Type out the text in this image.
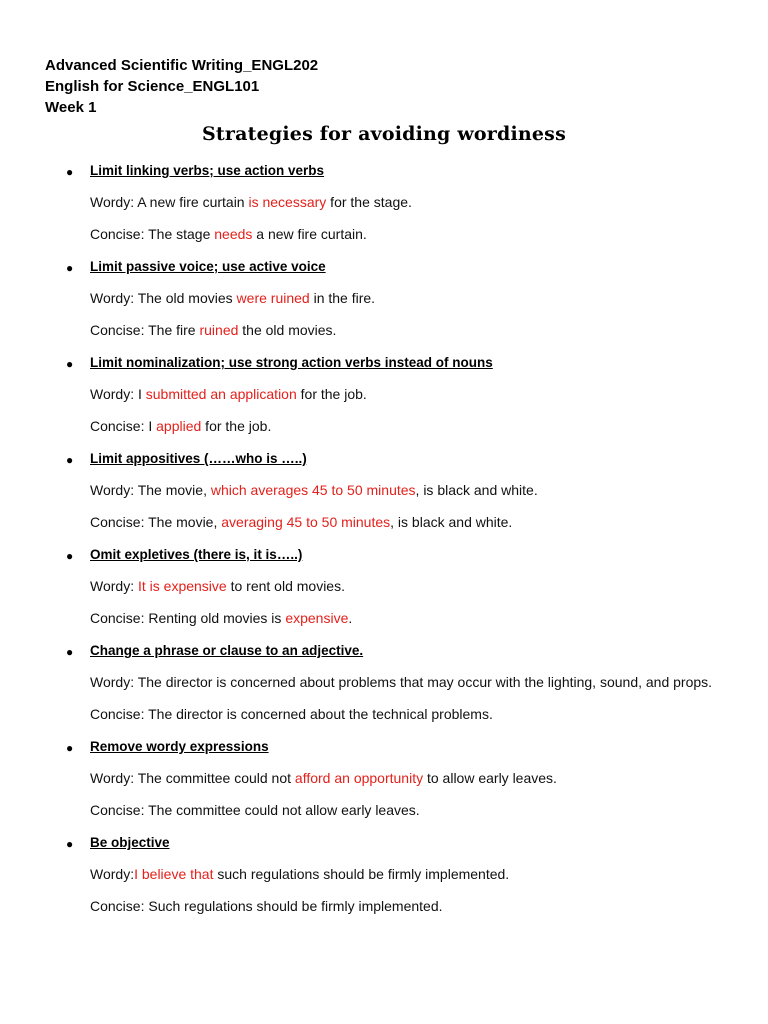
Advanced Scientific Writing_ENGL202
English for Science_ENGL101
Week 1
Strategies for avoiding wordiness
● Limit linking verbs; use action verbs
Wordy: A new fire curtain is necessary for the stage.
Concise: The stage needs a new fire curtain.
● Limit passive voice; use active voice
Wordy: The old movies were ruined in the fire.
Concise: The fire ruined the old movies.
● Limit nominalization; use strong action verbs instead of nouns
Wordy: I submitted an application for the job.
Concise: I applied for the job.
● Limit appositives (……who is …..)
Wordy: The movie, which averages 45 to 50 minutes, is black and white.
Concise: The movie, averaging 45 to 50 minutes, is black and white.
● Omit expletives (there is, it is…..)
Wordy: It is expensive to rent old movies.
Concise: Renting old movies is expensive.
● Change a phrase or clause to an adjective.
Wordy: The director is concerned about problems that may occur with the lighting, sound, and props.
Concise: The director is concerned about the technical problems.
● Remove wordy expressions
Wordy: The committee could not afford an opportunity to allow early leaves.
Concise: The committee could not allow early leaves.
● Be objective
Wordy:I believe that such regulations should be firmly implemented.
Concise: Such regulations should be firmly implemented.
